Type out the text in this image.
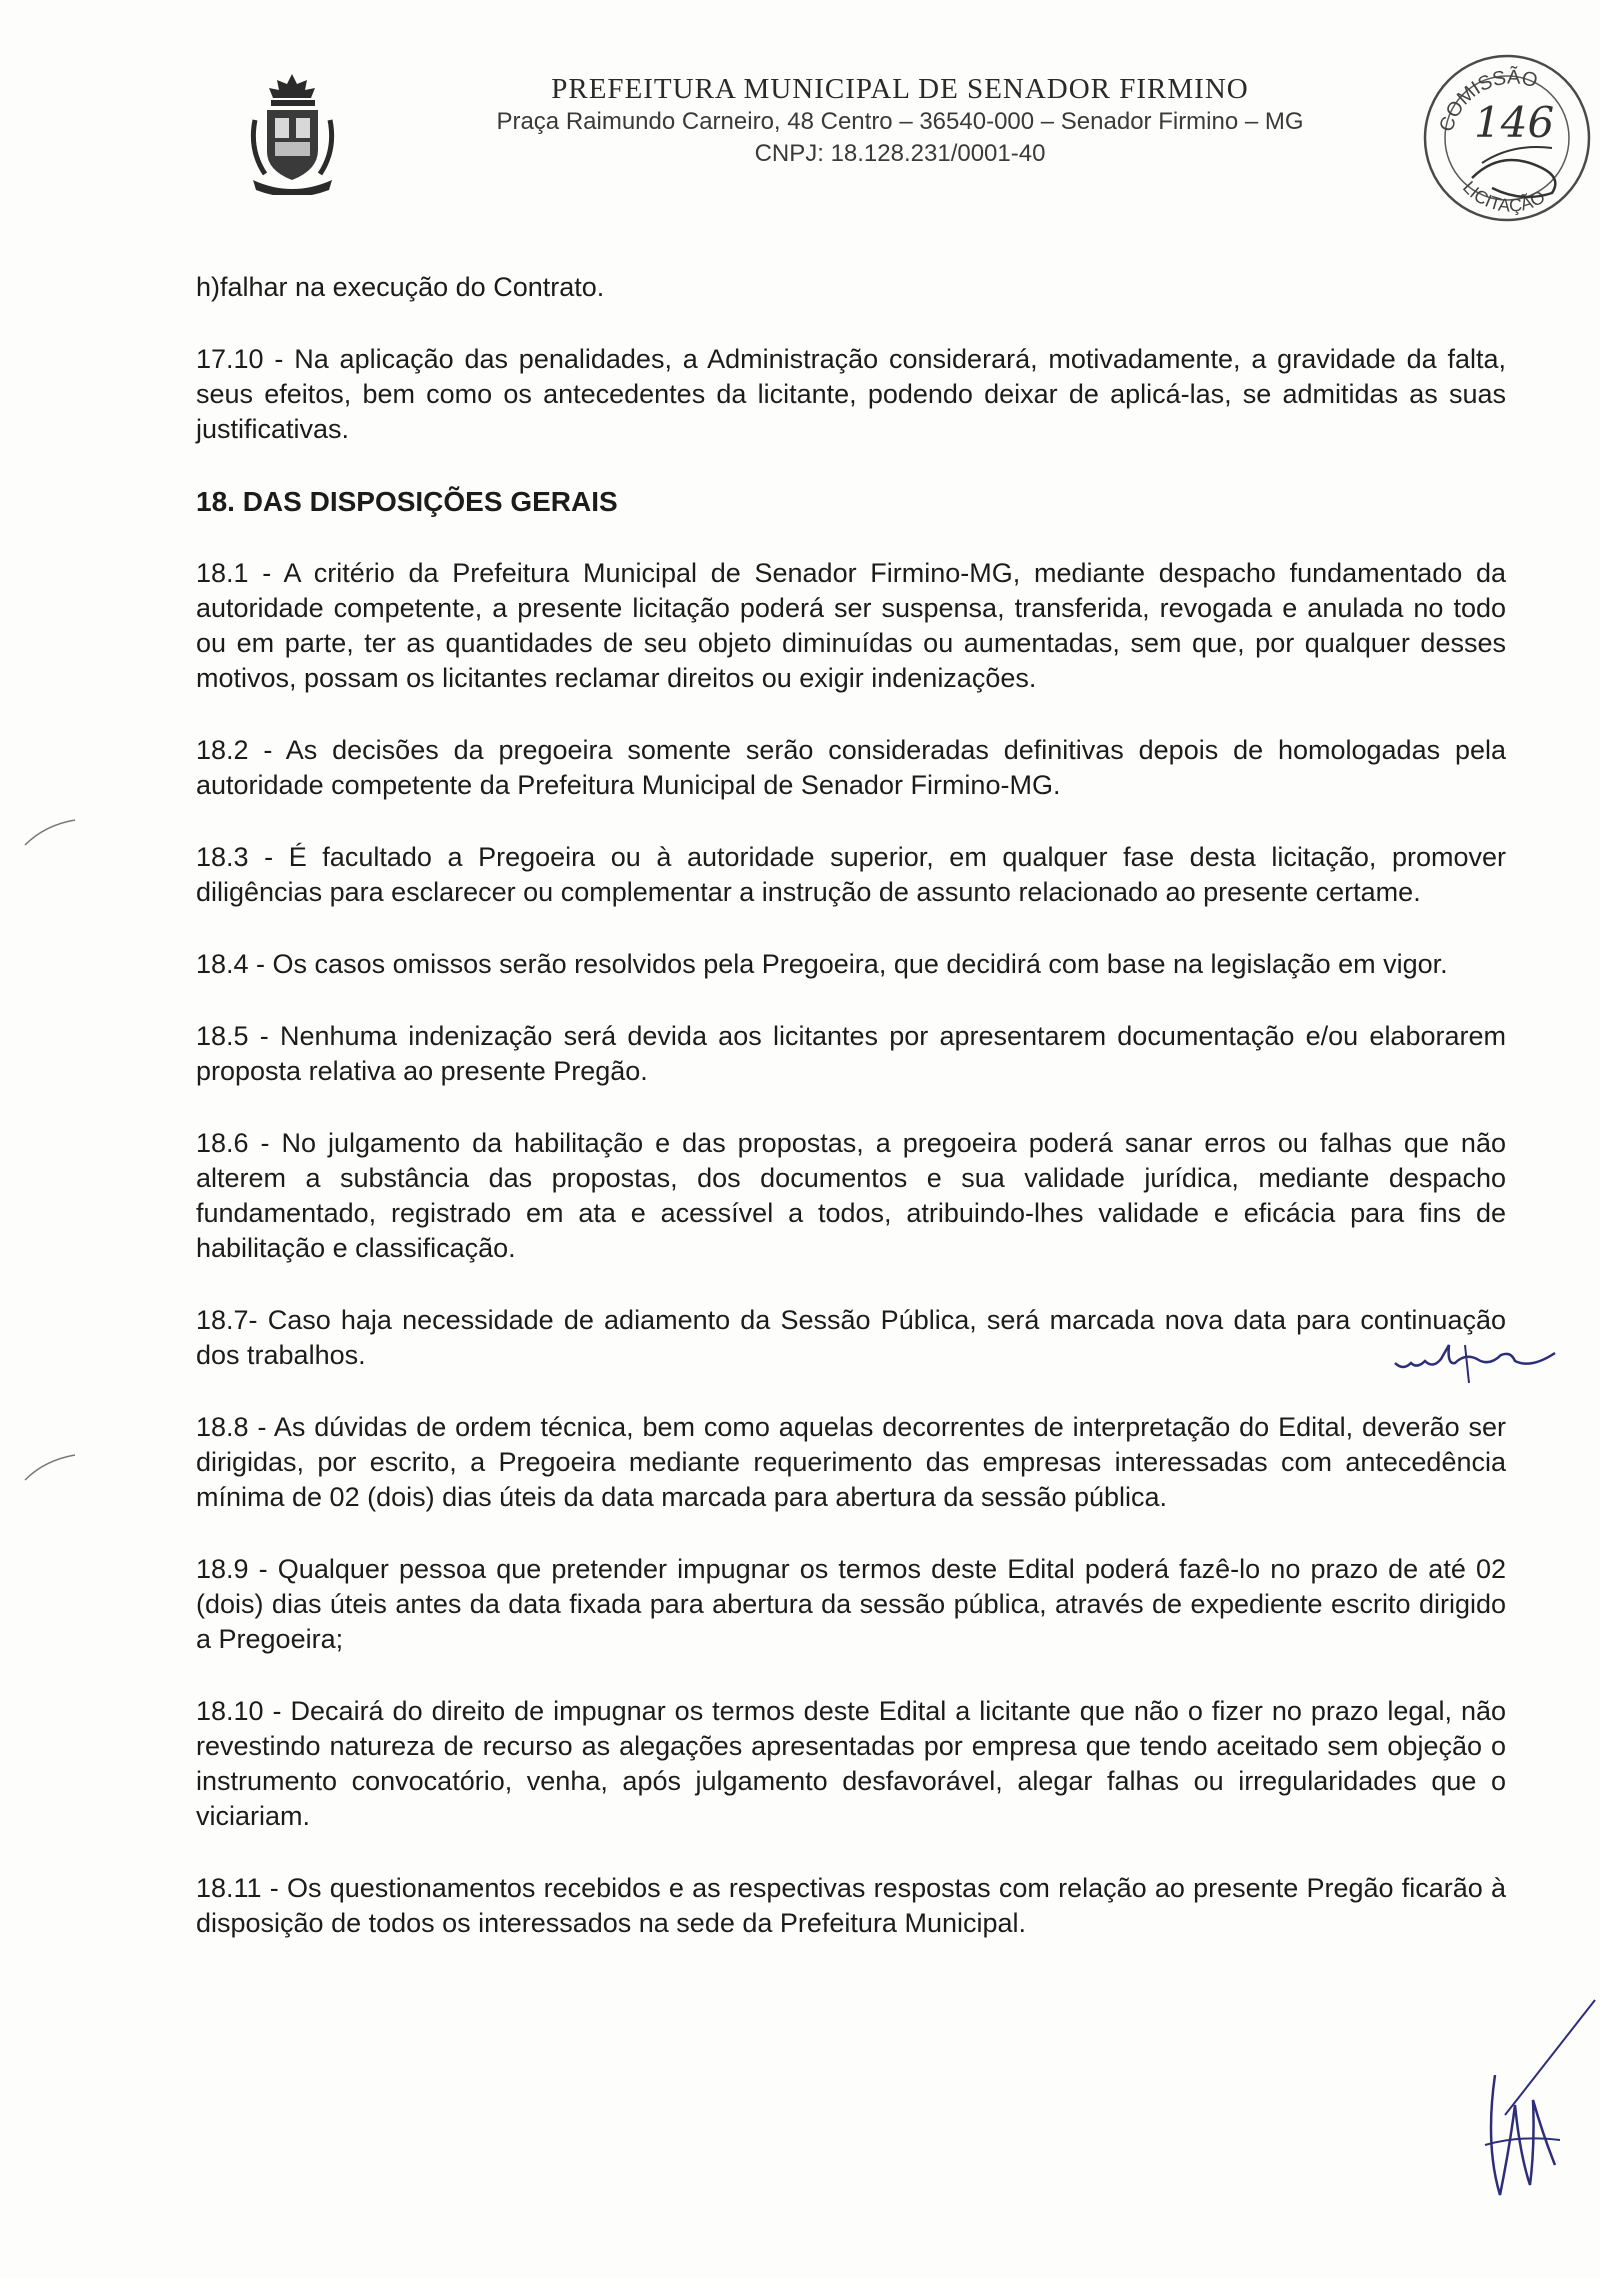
PREFEITURA MUNICIPAL DE SENADOR FIRMINO
Praça Raimundo Carneiro, 48 Centro – 36540-000 – Senador Firmino – MG
CNPJ: 18.128.231/0001-40
COMISSÃO
LICITAÇÃO
146

h)falhar na execução do Contrato.

17.10 - Na aplicação das penalidades, a Administração considerará, motivadamente, a gravidade da falta, seus efeitos, bem como os antecedentes da licitante, podendo deixar de aplicá-las, se admitidas as suas justificativas.

18. DAS DISPOSIÇÕES GERAIS

18.1 - A critério da Prefeitura Municipal de Senador Firmino-MG, mediante despacho fundamentado da autoridade competente, a presente licitação poderá ser suspensa, transferida, revogada e anulada no todo ou em parte, ter as quantidades de seu objeto diminuídas ou aumentadas, sem que, por qualquer desses motivos, possam os licitantes reclamar direitos ou exigir indenizações.

18.2 - As decisões da pregoeira somente serão consideradas definitivas depois de homologadas pela autoridade competente da Prefeitura Municipal de Senador Firmino-MG.

18.3 - É facultado a Pregoeira ou à autoridade superior, em qualquer fase desta licitação, promover diligências para esclarecer ou complementar a instrução de assunto relacionado ao presente certame.

18.4 - Os casos omissos serão resolvidos pela Pregoeira, que decidirá com base na legislação em vigor.

18.5 - Nenhuma indenização será devida aos licitantes por apresentarem documentação e/ou elaborarem proposta relativa ao presente Pregão.

18.6 - No julgamento da habilitação e das propostas, a pregoeira poderá sanar erros ou falhas que não alterem a substância das propostas, dos documentos e sua validade jurídica, mediante despacho fundamentado, registrado em ata e acessível a todos, atribuindo-lhes validade e eficácia para fins de habilitação e classificação.

18.7- Caso haja necessidade de adiamento da Sessão Pública, será marcada nova data para continuação dos trabalhos.

18.8 - As dúvidas de ordem técnica, bem como aquelas decorrentes de interpretação do Edital, deverão ser dirigidas, por escrito, a Pregoeira mediante requerimento das empresas interessadas com antecedência mínima de 02 (dois) dias úteis da data marcada para abertura da sessão pública.

18.9 - Qualquer pessoa que pretender impugnar os termos deste Edital poderá fazê-lo no prazo de até 02 (dois) dias úteis antes da data fixada para abertura da sessão pública, através de expediente escrito dirigido a Pregoeira;

18.10 - Decairá do direito de impugnar os termos deste Edital a licitante que não o fizer no prazo legal, não revestindo natureza de recurso as alegações apresentadas por empresa que tendo aceitado sem objeção o instrumento convocatório, venha, após julgamento desfavorável, alegar falhas ou irregularidades que o viciariam.

18.11 - Os questionamentos recebidos e as respectivas respostas com relação ao presente Pregão ficarão à disposição de todos os interessados na sede da Prefeitura Municipal.
